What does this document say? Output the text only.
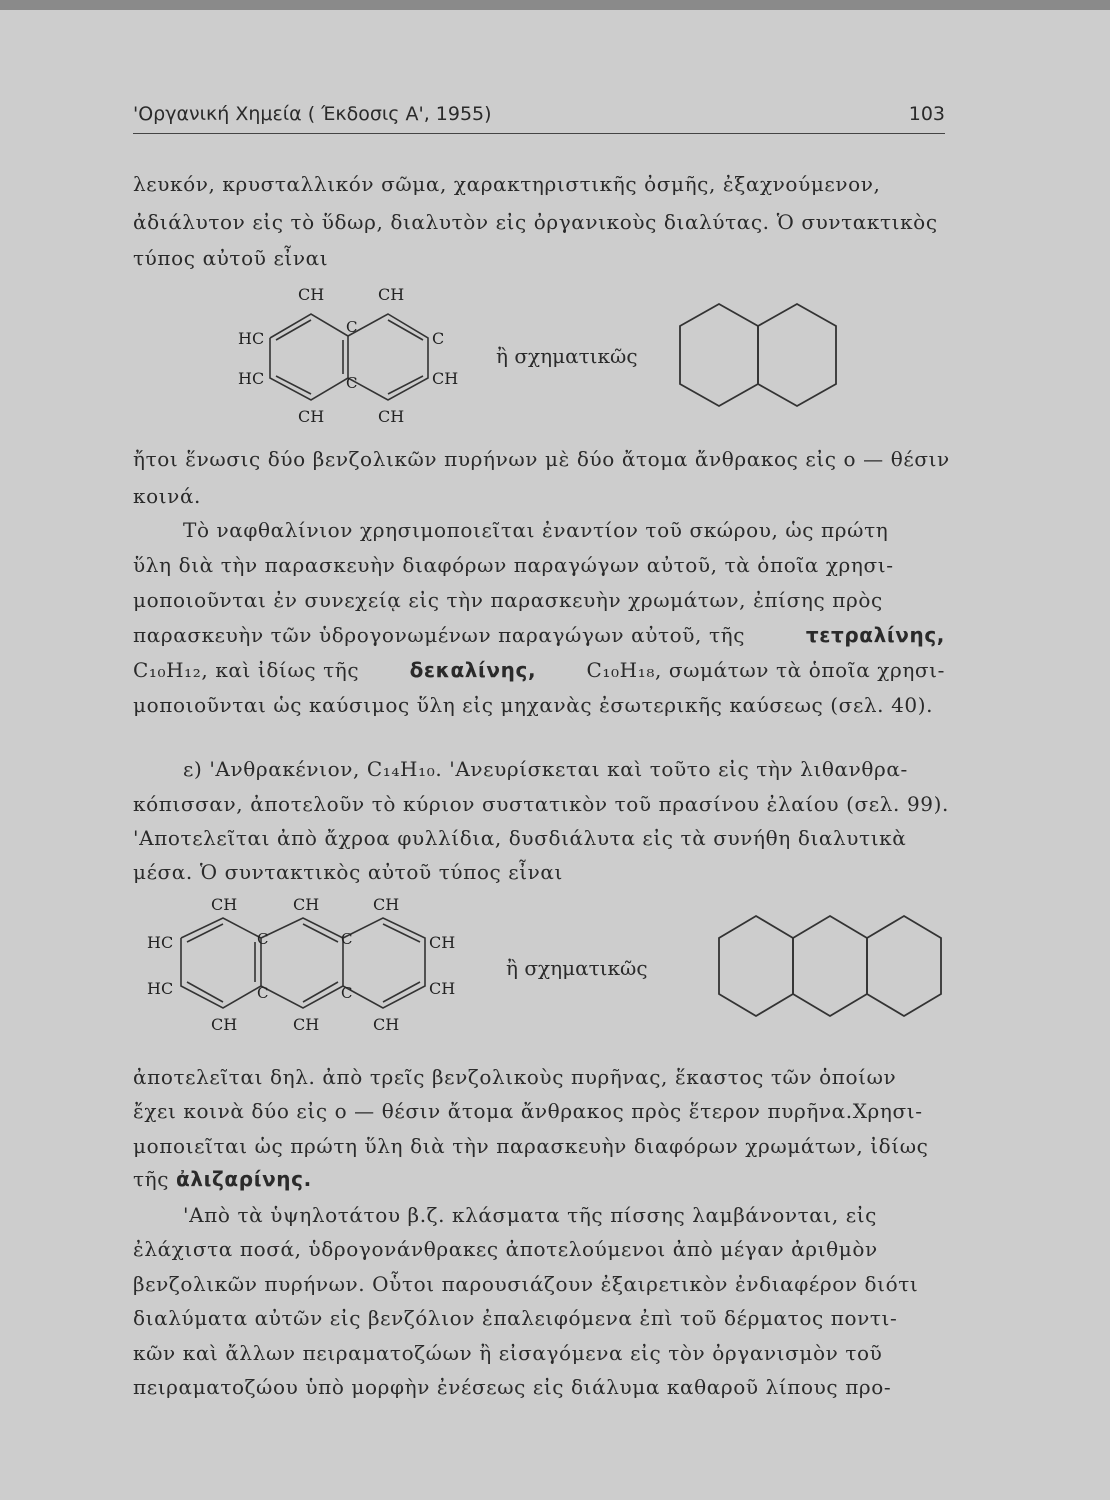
'Οργανική Χημεία ( Έκδοσις Α', 1955)	103
λευκόν, κρυσταλλικόν σῶμα, χαρακτηριστικῆς ὀσμῆς, ἐξαχνούμενον,
ἀδιάλυτον εἰς τὸ ὕδωρ, διαλυτὸν εἰς ὀργανικοὺς διαλύτας. Ὁ συντακτικὸς
τύπος αὐτοῦ εἶναι
CH	CH
HC
HC
C
C
C
CH
CH	CH
ἢ σχηματικῶς
ἤτοι ἕνωσις δύο βενζολικῶν πυρήνων μὲ δύο ἄτομα ἄνθρακος εἰς ο — θέσιν
κοινά.
Τὸ ναφθαλίνιον χρησιμοποιεῖται ἐναντίον τοῦ σκώρου, ὡς πρώτη
ὕλη διὰ τὴν παρασκευὴν διαφόρων παραγώγων αὐτοῦ, τὰ ὁποῖα χρησι-
μοποιοῦνται ἐν συνεχείᾳ εἰς τὴν παρασκευὴν χρωμάτων, ἐπίσης πρὸς
παρασκευὴν τῶν ὑδρογονωμένων παραγώγων αὐτοῦ, τῆς	τετραλίνης,
C₁₀H₁₂, καὶ ἰδίως τῆς	δεκαλίνης,	C₁₀H₁₈, σωμάτων τὰ ὁποῖα χρησι-
μοποιοῦνται ὡς καύσιμος ὕλη εἰς μηχανὰς ἐσωτερικῆς καύσεως (σελ. 40).
ε) 'Ανθρακένιον, C₁₄H₁₀. 'Ανευρίσκεται καὶ τοῦτο εἰς τὴν λιθανθρα-
κόπισσαν, ἀποτελοῦν τὸ κύριον συστατικὸν τοῦ πρασίνου ἐλαίου (σελ. 99).
'Αποτελεῖται ἀπὸ ἄχροα φυλλίδια, δυσδιάλυτα εἰς τὰ συνήθη διαλυτικὰ
μέσα. Ὁ συντακτικὸς αὐτοῦ τύπος εἶναι
CH	CH	CH
HC
HC
C
C
C
C
CH
CH
CH	CH	CH
ἢ σχηματικῶς
ἀποτελεῖται δηλ. ἀπὸ τρεῖς βενζολικοὺς πυρῆνας, ἕκαστος τῶν ὁποίων
ἔχει κοινὰ δύο εἰς ο — θέσιν ἄτομα ἄνθρακος πρὸς ἕτερον πυρῆνα.Χρησι-
μοποιεῖται ὡς πρώτη ὕλη διὰ τὴν παρασκευὴν διαφόρων χρωμάτων, ἰδίως
τῆς ἀλιζαρίνης.
'Απὸ τὰ ὑψηλοτάτου β.ζ. κλάσματα τῆς πίσσης λαμβάνονται, εἰς
ἐλάχιστα ποσά, ὑδρογονάνθρακες ἀποτελούμενοι ἀπὸ μέγαν ἀριθμὸν
βενζολικῶν πυρήνων. Οὗτοι παρουσιάζουν ἐξαιρετικὸν ἐνδιαφέρον διότι
διαλύματα αὐτῶν εἰς βενζόλιον ἐπαλειφόμενα ἐπὶ τοῦ δέρματος ποντι-
κῶν καὶ ἄλλων πειραματοζώων ἢ εἰσαγόμενα εἰς τὸν ὀργανισμὸν τοῦ
πειραματοζώου ὑπὸ μορφὴν ἐνέσεως εἰς διάλυμα καθαροῦ λίπους προ-
